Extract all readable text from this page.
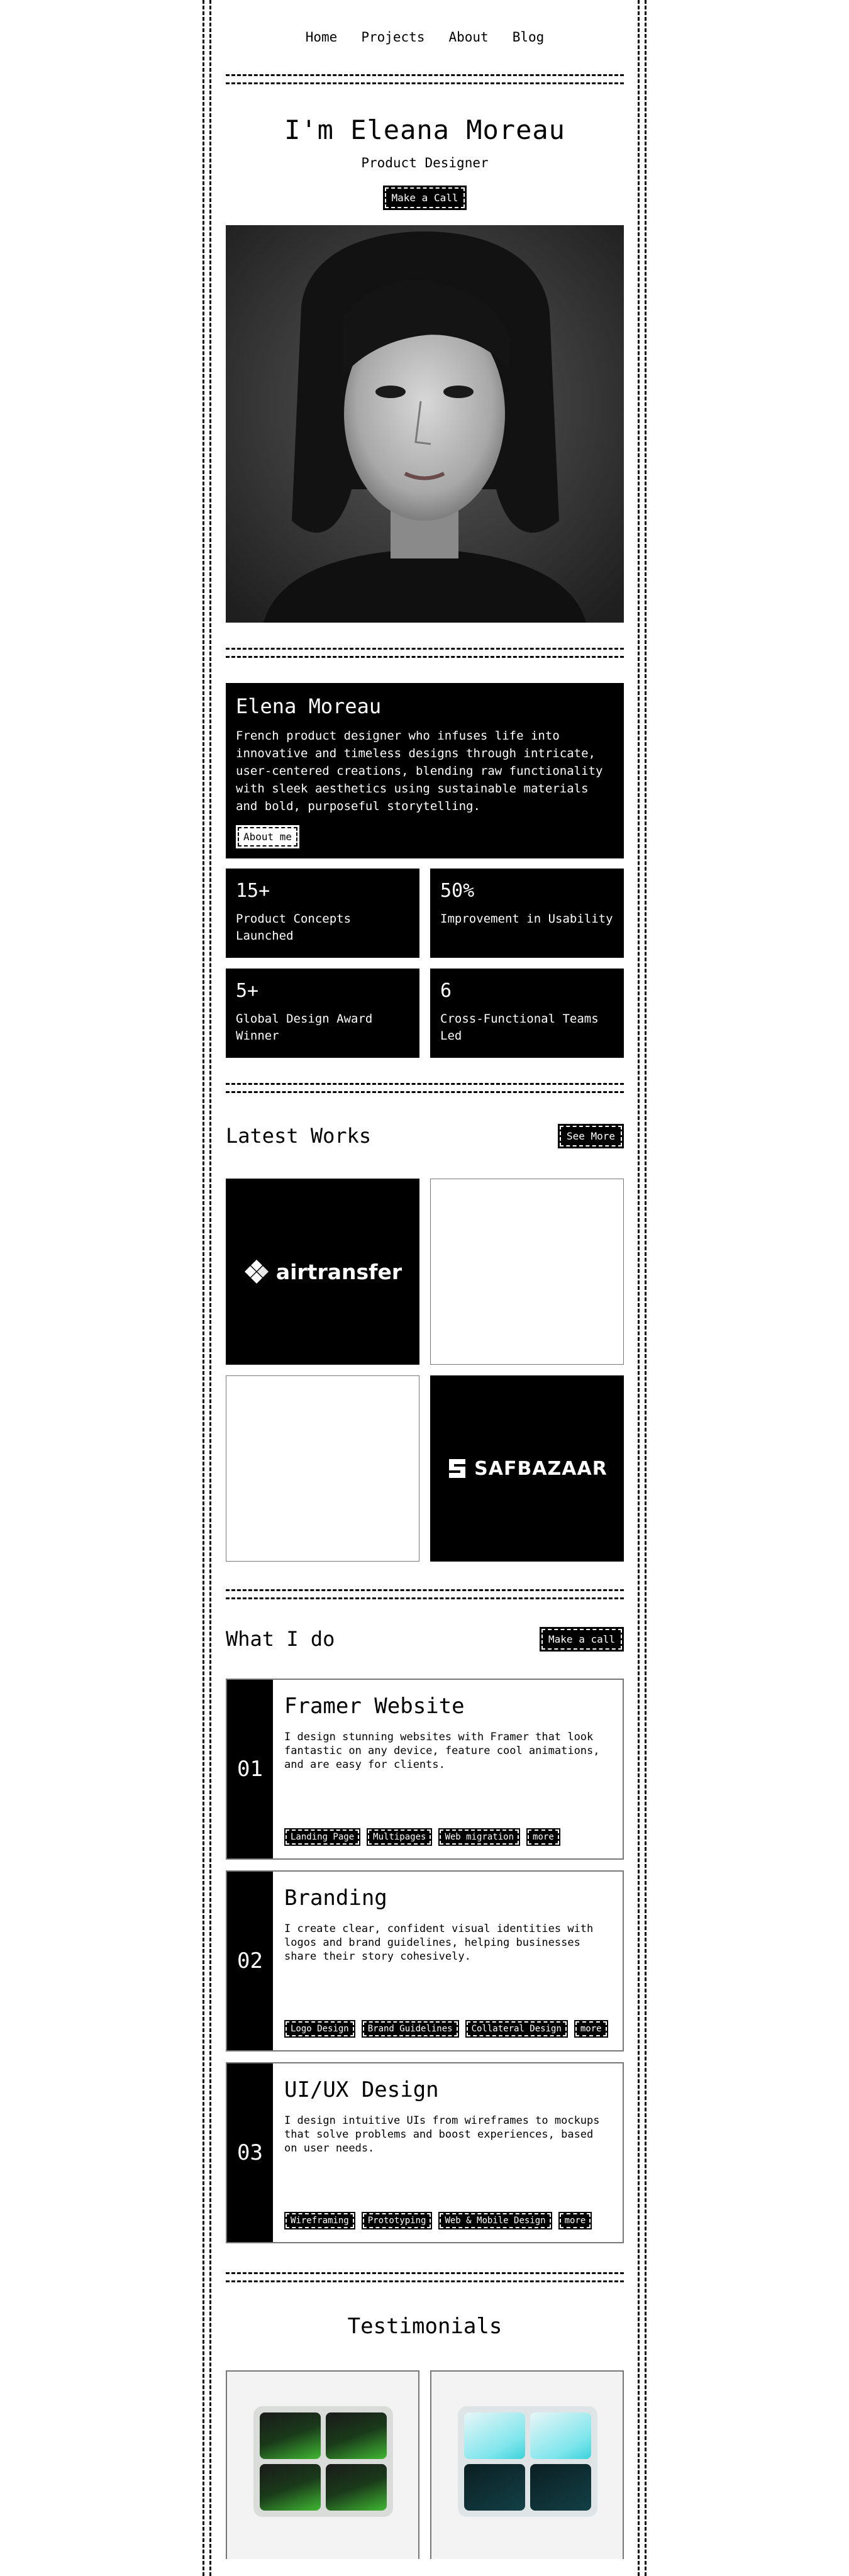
Home Projects About Blog
I'm Eleana Moreau
Product Designer
Make a Call
Elena Moreau

French product designer who infuses life into innovative and timeless designs through intricate, user-centered creations, blending raw functionality with sleek aesthetics using sustainable materials and bold, purposeful storytelling.

About me
15+
Product Concepts Launched
50%
Improvement in Usability
5+
Global Design Award Winner
6
Cross-Functional Teams Led
Latest Works	See More
airtransfer
SAFBAZAAR
What I do	Make a call
01
Framer Website

I design stunning websites with Framer that look fantastic on any device, feature cool animations, and are easy for clients.

Landing Page	Multipages	Web migration	more
02
Branding

I create clear, confident visual identities with logos and brand guidelines, helping businesses share their story cohesively.

Logo Design	Brand Guidelines	Collateral Design	more
03
UI/UX Design

I design intuitive UIs from wireframes to mockups that solve problems and boost experiences, based on user needs.

Wireframing	Prototyping	Web & Mobile Design	more
Testimonials
